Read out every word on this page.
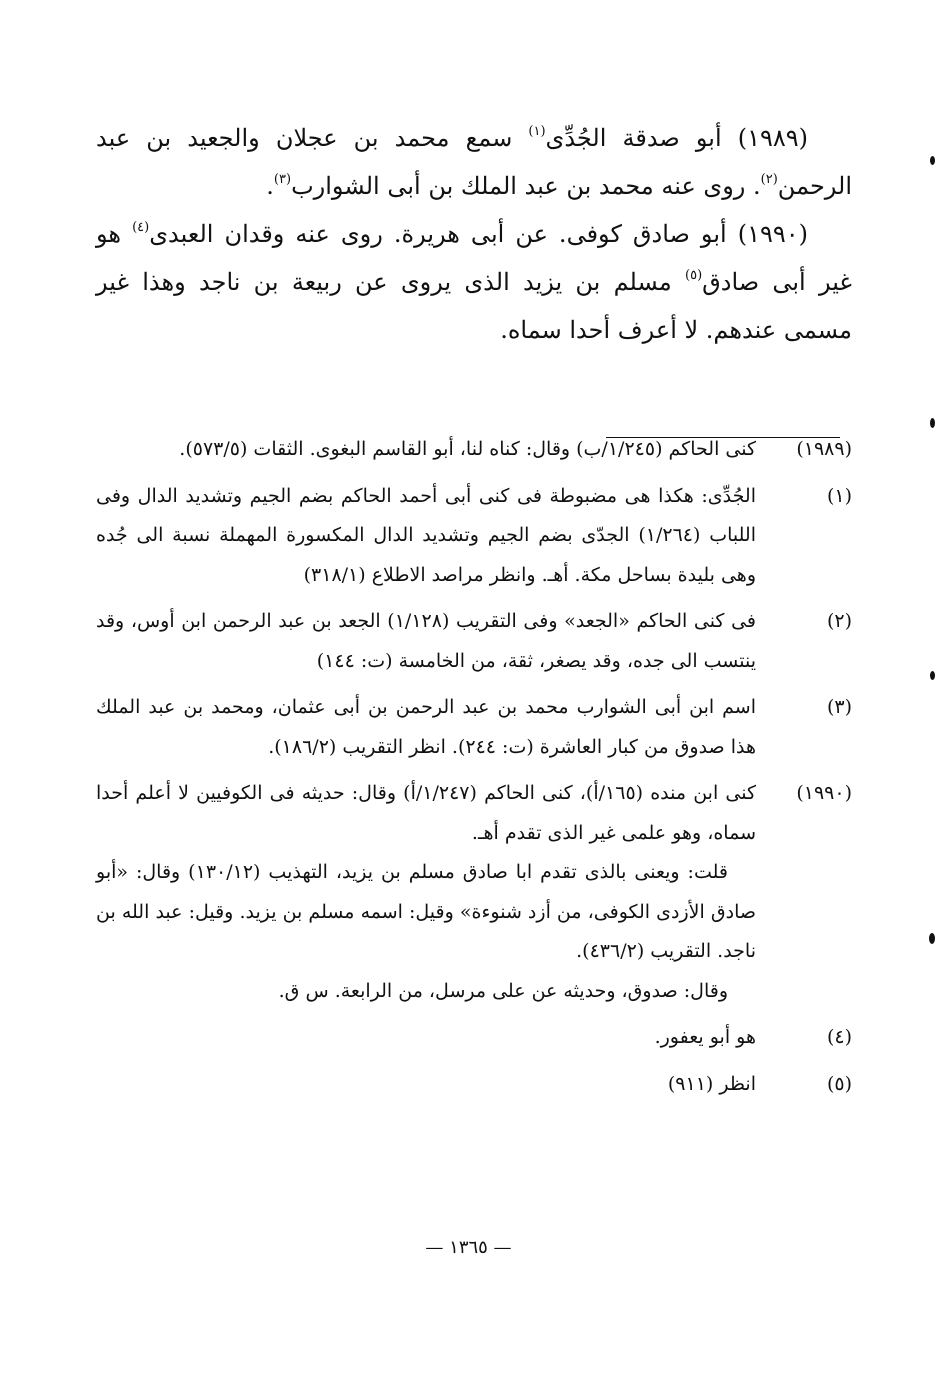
(١٩٨٩) أبو صدقة الجُدِّى$^{(١)}$ سمع محمد بن عجلان والجعيد بن عبد الرحمن$^{(٢)}$. روى عنه محمد بن عبد الملك بن أبى الشوارب$^{(٣)}$.

(١٩٩٠) أبو صادق كوفى. عن أبى هريرة. روى عنه وقدان العبدى$^{(٤)}$ هو غير أبى صادق$^{(٥)}$ مسلم بن يزيد الذى يروى عن ربيعة بن ناجد وهذا غير مسمى عندهم. لا أعرف أحدا سماه.

(١٩٨٩)

كنى الحاكم (١/٢٤٥/ب) وقال: كناه لنا، أبو القاسم البغوى. الثقات (٥٧٣/٥).

(١)

الجُدِّى: هكذا هى مضبوطة فى كنى أبى أحمد الحاكم بضم الجيم وتشديد الدال وفى اللباب (١/٢٦٤) الجدّى بضم الجيم وتشديد الدال المكسورة المهملة نسبة الى جُده وهى بليدة بساحل مكة. أهـ. وانظر مراصد الاطلاع (٣١٨/١)

(٢)

فى كنى الحاكم «الجعد» وفى التقريب (١/١٢٨) الجعد بن عبد الرحمن ابن أوس، وقد ينتسب الى جده، وقد يصغر، ثقة، من الخامسة (ت: ١٤٤)

(٣)

اسم ابن أبى الشوارب محمد بن عبد الرحمن بن أبى عثمان، ومحمد بن عبد الملك هذا صدوق من كبار العاشرة (ت: ٢٤٤). انظر التقريب (١٨٦/٢).

(١٩٩٠)

كنى ابن منده (١٦٥/أ)، كنى الحاكم (١/٢٤٧/أ) وقال: حديثه فى الكوفيين لا أعلم أحدا سماه، وهو علمى غير الذى تقدم أهـ.

قلت: ويعنى بالذى تقدم ابا صادق مسلم بن يزيد، التهذيب (١٣٠/١٢) وقال: «أبو صادق الأزدى الكوفى، من أزد شنوءة» وقيل: اسمه مسلم بن يزيد. وقيل: عبد الله بن ناجد. التقريب (٤٣٦/٢).

وقال: صدوق، وحديثه عن على مرسل، من الرابعة. س ق.

(٤)

هو أبو يعفور.

(٥)

انظر (٩١١)

— ١٣٦٥ —
